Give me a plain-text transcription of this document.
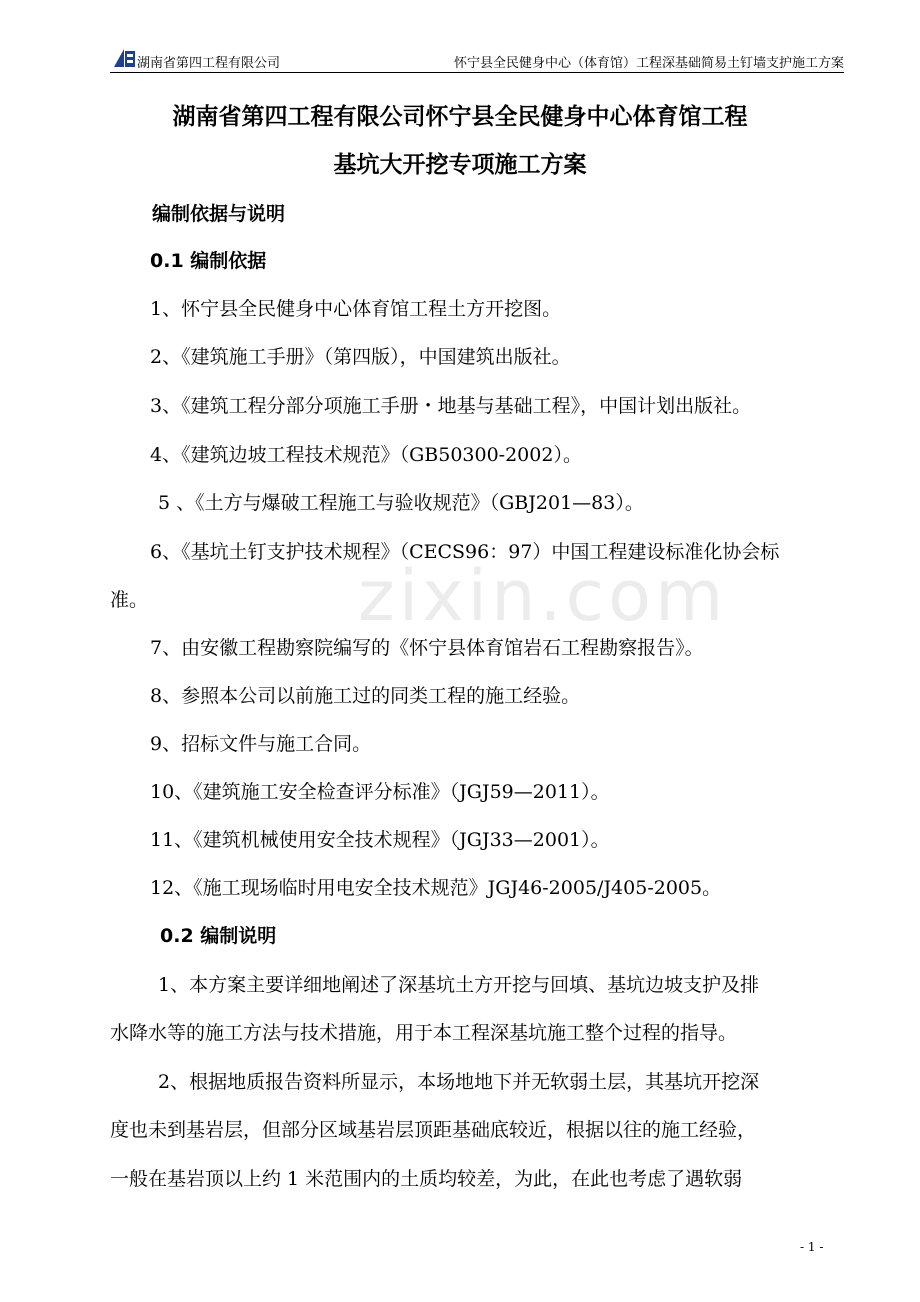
湖南省第四工程有限公司	怀宁县全民健身中心（体育馆）工程深基础简易土钉墙支护施工方案
zixin.com
湖南省第四工程有限公司怀宁县全民健身中心体育馆工程
基坑大开挖专项施工方案
编制依据与说明
0.1 编制依据
1、怀宁县全民健身中心体育馆工程土方开挖图。
2、《建筑施工手册》（第四版），中国建筑出版社。
3、《建筑工程分部分项施工手册・地基与基础工程》，中国计划出版社。
4、《建筑边坡工程技术规范》（GB50300-2002）。
5 、《土方与爆破工程施工与验收规范》（GBJ201—83）。
6、《基坑土钉支护技术规程》（CECS96：97）中国工程建设标准化协会标
准。
7、由安徽工程勘察院编写的《怀宁县体育馆岩石工程勘察报告》。
8、参照本公司以前施工过的同类工程的施工经验。
9、招标文件与施工合同。
10、《建筑施工安全检查评分标准》（JGJ59—2011）。
11、《建筑机械使用安全技术规程》（JGJ33—2001）。
12、《施工现场临时用电安全技术规范》JGJ46-2005/J405-2005。
0.2 编制说明
1、本方案主要详细地阐述了深基坑土方开挖与回填、基坑边坡支护及排
水降水等的施工方法与技术措施，用于本工程深基坑施工整个过程的指导。
2、根据地质报告资料所显示，本场地地下并无软弱土层，其基坑开挖深
度也未到基岩层，但部分区域基岩层顶距基础底较近，根据以往的施工经验，
一般在基岩顶以上约 1 米范围内的土质均较差，为此，在此也考虑了遇软弱
- 1 -
